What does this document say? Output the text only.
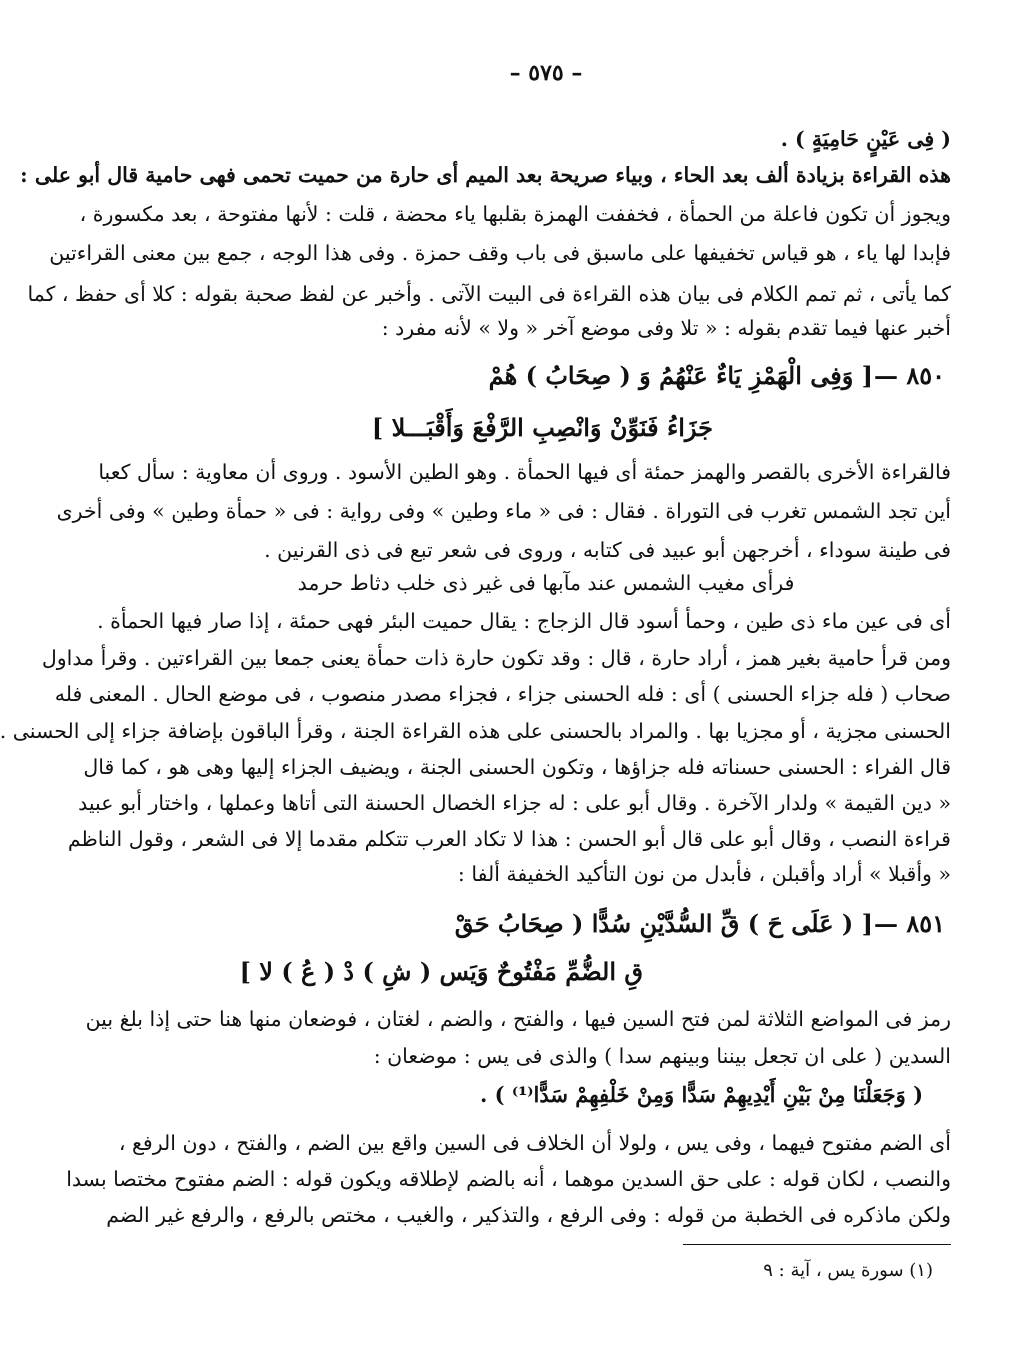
– ٥٧٥ –
( فِى عَيْنٍ حَامِيَةٍ ) .
هذه القراءة بزيادة ألف بعد الحاء ، وبياء صريحة بعد الميم أى حارة من حميت تحمى فهى حامية قال أبو على :
ويجوز أن تكون فاعلة من الحمأة ، فخففت الهمزة بقلبها ياء محضة ، قلت : لأنها مفتوحة ، بعد مكسورة ،
فإبدا لها ياء ، هو قياس تخفيفها على ماسبق فى باب وقف حمزة . وفى هذا الوجه ، جمع بين معنى القراءتين
كما يأتى ، ثم تمم الكلام فى بيان هذه القراءة فى البيت الآتى . وأخبر عن لفظ صحبة بقوله : كلا أى حفظ ، كما
أخبر عنها فيما تقدم بقوله : « تلا وفى موضع آخر « ولا » لأنه مفرد :
٨٥٠ —
[ وَفِى الْهَمْزِ يَاءٌ عَنْهُمُ وَ ( صِحَابُ ) هُمْ
جَزَاءُ فَنَوِّنْ وَانْصِبِ الرَّفْعَ وَأَقْبَـــلا ]
فالقراءة الأخرى بالقصر والهمز حمئة أى فيها الحمأة . وهو الطين الأسود . وروى أن معاوية : سأل كعبا
أين تجد الشمس تغرب فى التوراة . فقال : فى « ماء وطين » وفى رواية : فى « حمأة وطين » وفى أخرى
فى طينة سوداء ، أخرجهن أبو عبيد فى كتابه ، وروى فى شعر تبع فى ذى القرنين .
فرأى مغيب الشمس عند مآبها فى غير ذى خلب دثاط حرمد
أى فى عين ماء ذى طين ، وحمأ أسود قال الزجاج : يقال حميت البئر فهى حمئة ، إذا صار فيها الحمأة .
ومن قرأ حامية بغير همز ، أراد حارة ، قال : وقد تكون حارة ذات حمأة يعنى جمعا بين القراءتين . وقرأ مداول
صحاب ( فله جزاء الحسنى ) أى : فله الحسنى جزاء ، فجزاء مصدر منصوب ، فى موضع الحال . المعنى فله
الحسنى مجزية ، أو مجزيا بها . والمراد بالحسنى على هذه القراءة الجنة ، وقرأ الباقون بإضافة جزاء إلى الحسنى .
قال الفراء : الحسنى حسناته فله جزاؤها ، وتكون الحسنى الجنة ، ويضيف الجزاء إليها وهى هو ، كما قال
« دين القيمة » ولدار الآخرة . وقال أبو على : له جزاء الخصال الحسنة التى أتاها وعملها ، واختار أبو عبيد
قراءة النصب ، وقال أبو على قال أبو الحسن : هذا لا تكاد العرب تتكلم مقدما إلا فى الشعر ، وقول الناظم
« وأقبلا » أراد وأقبلن ، فأبدل من نون التأكيد الخفيفة ألفا :
٨٥١ —
[ ( عَلَى حَ ) قِّ السُّدَّيْنِ سُدًّا ( صِحَابُ حَقْ
قِ الضُّمِّ مَفْتُوحٌ وَيَس ( شِ ) دْ ( عُ ) لا ]
رمز فى المواضع الثلاثة لمن فتح السين فيها ، والفتح ، والضم ، لغتان ، فوضعان منها هنا حتى إذا بلغ بين
السدين ( على ان تجعل بيننا وبينهم سدا ) والذى فى يس : موضعان :
( وَجَعَلْنَا مِنْ بَيْنِ أَيْدِيهِمْ سَدًّا وَمِنْ خَلْفِهِمْ سَدًّا⁽¹⁾ ) .
أى الضم مفتوح فيهما ، وفى يس ، ولولا أن الخلاف فى السين واقع بين الضم ، والفتح ، دون الرفع ،
والنصب ، لكان قوله : على حق السدين موهما ، أنه بالضم لإطلاقه ويكون قوله : الضم مفتوح مختصا بسدا
ولكن ماذكره فى الخطبة من قوله : وفى الرفع ، والتذكير ، والغيب ، مختص بالرفع ، والرفع غير الضم
(١) سورة يس ، آية : ٩
